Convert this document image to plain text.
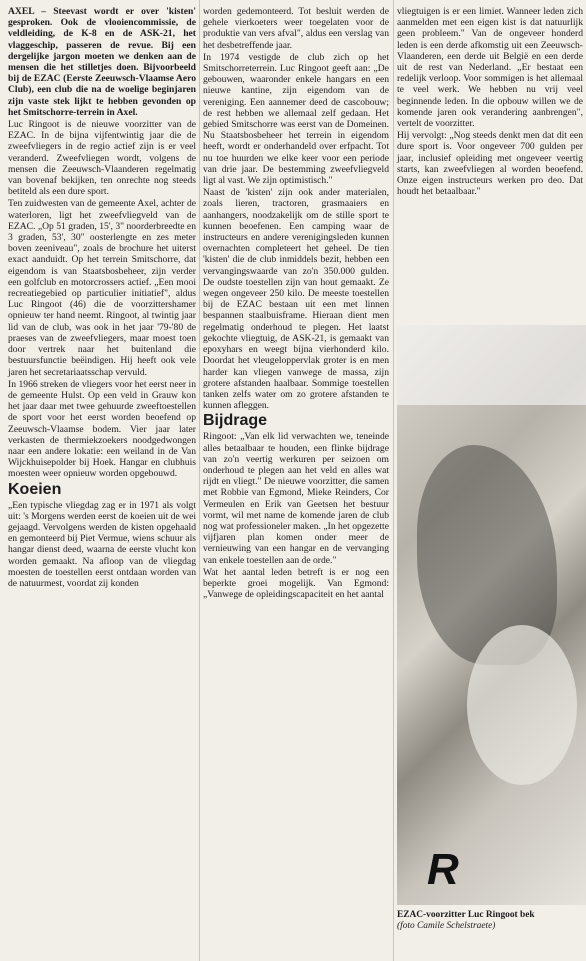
AXEL – Steevast wordt er over 'kisten' gesproken. Ook de vlooiencommissie, de veldleiding, de K-8 en de ASK-21, het vlaggeschip, passeren de revue. Bij een dergelijke jargon moeten we denken aan de mensen die het stilletjes doen. Bijvoorbeeld bij de EZAC (Eerste Zeeuwsch-Vlaamse Aero Club), een club die na de woelige beginjaren zijn vaste stek lijkt te hebben gevonden op het Smitschorre-terrein in Axel.

Luc Ringoot is de nieuwe voorzitter van de EZAC. In de bijna vijfentwintig jaar die de zweefvliegers in de regio actief zijn is er veel veranderd. Zweefvliegen wordt, volgens de mensen die Zeeuwsch-Vlaanderen regelmatig van bovenaf bekijken, ten onrechte nog steeds betiteld als een dure sport.

Ten zuidwesten van de gemeente Axel, achter de waterloren, ligt het zweefvliegveld van de EZAC. „Op 51 graden, 15', 3" noorderbreedte en 3 graden, 53', 30" oosterlengte en zes meter boven zeeniveau", zoals de brochure het uiterst exact aanduidt. Op het terrein Smitschorre, dat eigendom is van Staatsbosbeheer, zijn verder een golfclub en motorcrossers actief. „Een mooi recreatiegebied op particulier initiatief", aldus Luc Ringoot (46) die de voorzittershamer opnieuw ter hand neemt. Ringoot, al twintig jaar lid van de club, was ook in het jaar '79-'80 de praeses van de zweefvliegers, maar moest toen door vertrek naar het buitenland die bestuursfunctie beëindigen. Hij heeft ook vele jaren het secretariaatsschap vervuld.

In 1966 streken de vliegers voor het eerst neer in de gemeente Hulst. Op een veld in Grauw kon het jaar daar met twee gehuurde zweeftoestellen de sport voor het eerst worden beoefend op Zeeuwsch-Vlaamse bodem. Vier jaar later verkasten de thermiekzoekers noodgedwongen naar een andere lokatie: een weiland in de Van Wijckhuisepolder bij Hoek. Hangar en clubhuis moesten weer opnieuw worden opgebouwd.

Koeien

„Een typische vliegdag zag er in 1971 als volgt uit: 's Morgens werden eerst de koeien uit de wei gejaagd. Vervolgens werden de kisten opgehaald en gemonteerd bij Piet Vermue, wiens schuur als hangar dienst deed, waarna de eerste vlucht kon worden gemaakt. Na afloop van de vliegdag moesten de toestellen eerst ontdaan worden van de natuurmest, voordat zij konden

worden gedemonteerd. Tot besluit werden de gehele vierkoeters weer toegelaten voor de produktie van vers afval", aldus een verslag van het desbetreffende jaar.

In 1974 vestigde de club zich op het Smitschorreterrein. Luc Ringoot geeft aan: „De gebouwen, waaronder enkele hangars en een nieuwe kantine, zijn eigendom van de vereniging. Een aannemer deed de cascobouw; de rest hebben we allemaal zelf gedaan. Het gebied Smitschorre was eerst van de Domeinen. Nu Staatsbosbeheer het terrein in eigendom heeft, wordt er onderhandeld over erfpacht. Tot nu toe huurden we elke keer voor een periode van drie jaar. De bestemming zweefvliegveld ligt al vast. We zijn optimistisch."

Naast de 'kisten' zijn ook ander materialen, zoals lieren, tractoren, grasmaaiers en aanhangers, noodzakelijk om de stille sport te kunnen beoefenen. Een camping waar de instructeurs en andere verenigingsleden kunnen overnachten completeert het geheel. De tien 'kisten' die de club inmiddels bezit, hebben een vervangingswaarde van zo'n 350.000 gulden. De oudste toestellen zijn van hout gemaakt. Ze wegen ongeveer 250 kilo. De meeste toestellen bij de EZAC bestaan uit een met linnen bespannen staalbuisframe. Hieraan dient men regelmatig onderhoud te plegen. Het laatst gekochte vliegtuig, de ASK-21, is gemaakt van epoxyhars en weegt bijna vierhonderd kilo. Doordat het vleugeloppervlak groter is en men harder kan vliegen vanwege de massa, zijn grotere afstanden haalbaar. Sommige toestellen tanken zelfs water om zo grotere afstanden te kunnen afleggen.

Bijdrage

Ringoot: „Van elk lid verwachten we, teneinde alles betaalbaar te houden, een flinke bijdrage van zo'n veertig werkuren per seizoen om onderhoud te plegen aan het veld en alles wat rijdt en vliegt." De nieuwe voorzitter, die samen met Robbie van Egmond, Mieke Reinders, Cor Vermeulen en Erik van Geetsen het bestuur vormt, wil met name de komende jaren de club nog wat professioneler maken. „In het opgezette vijfjaren plan komen onder meer de vernieuwing van een hangar en de vervanging van enkele toestellen aan de orde."

Wat het aantal leden betreft is er nog een beperkte groei mogelijk. Van Egmond: „Vanwege de opleidingscapaciteit en het aantal

vliegtuigen is er een limiet. Wanneer leden zich aanmelden met een eigen kist is dat natuurlijk geen probleem." Van de ongeveer honderd leden is een derde afkomstig uit een Zeeuwsch-Vlaanderen, een derde uit België en een derde uit de rest van Nederland. „Er bestaat een redelijk verloop. Voor sommigen is het allemaal te veel werk. We hebben nu vrij veel beginnende leden. In die opbouw willen we de komende jaren ook verandering aanbrengen", vertelt de voorzitter.

Hij vervolgt: „Nog steeds denkt men dat dit een dure sport is. Voor ongeveer 700 gulden per jaar, inclusief opleiding met ongeveer veertig starts, kan zweefvliegen al worden beoefend. Onze eigen instructeurs werken pro deo. Dat houdt het betaalbaar."

R
EZAC-voorzitter Luc Ringoot bek
(foto Camile Schelstraete)
